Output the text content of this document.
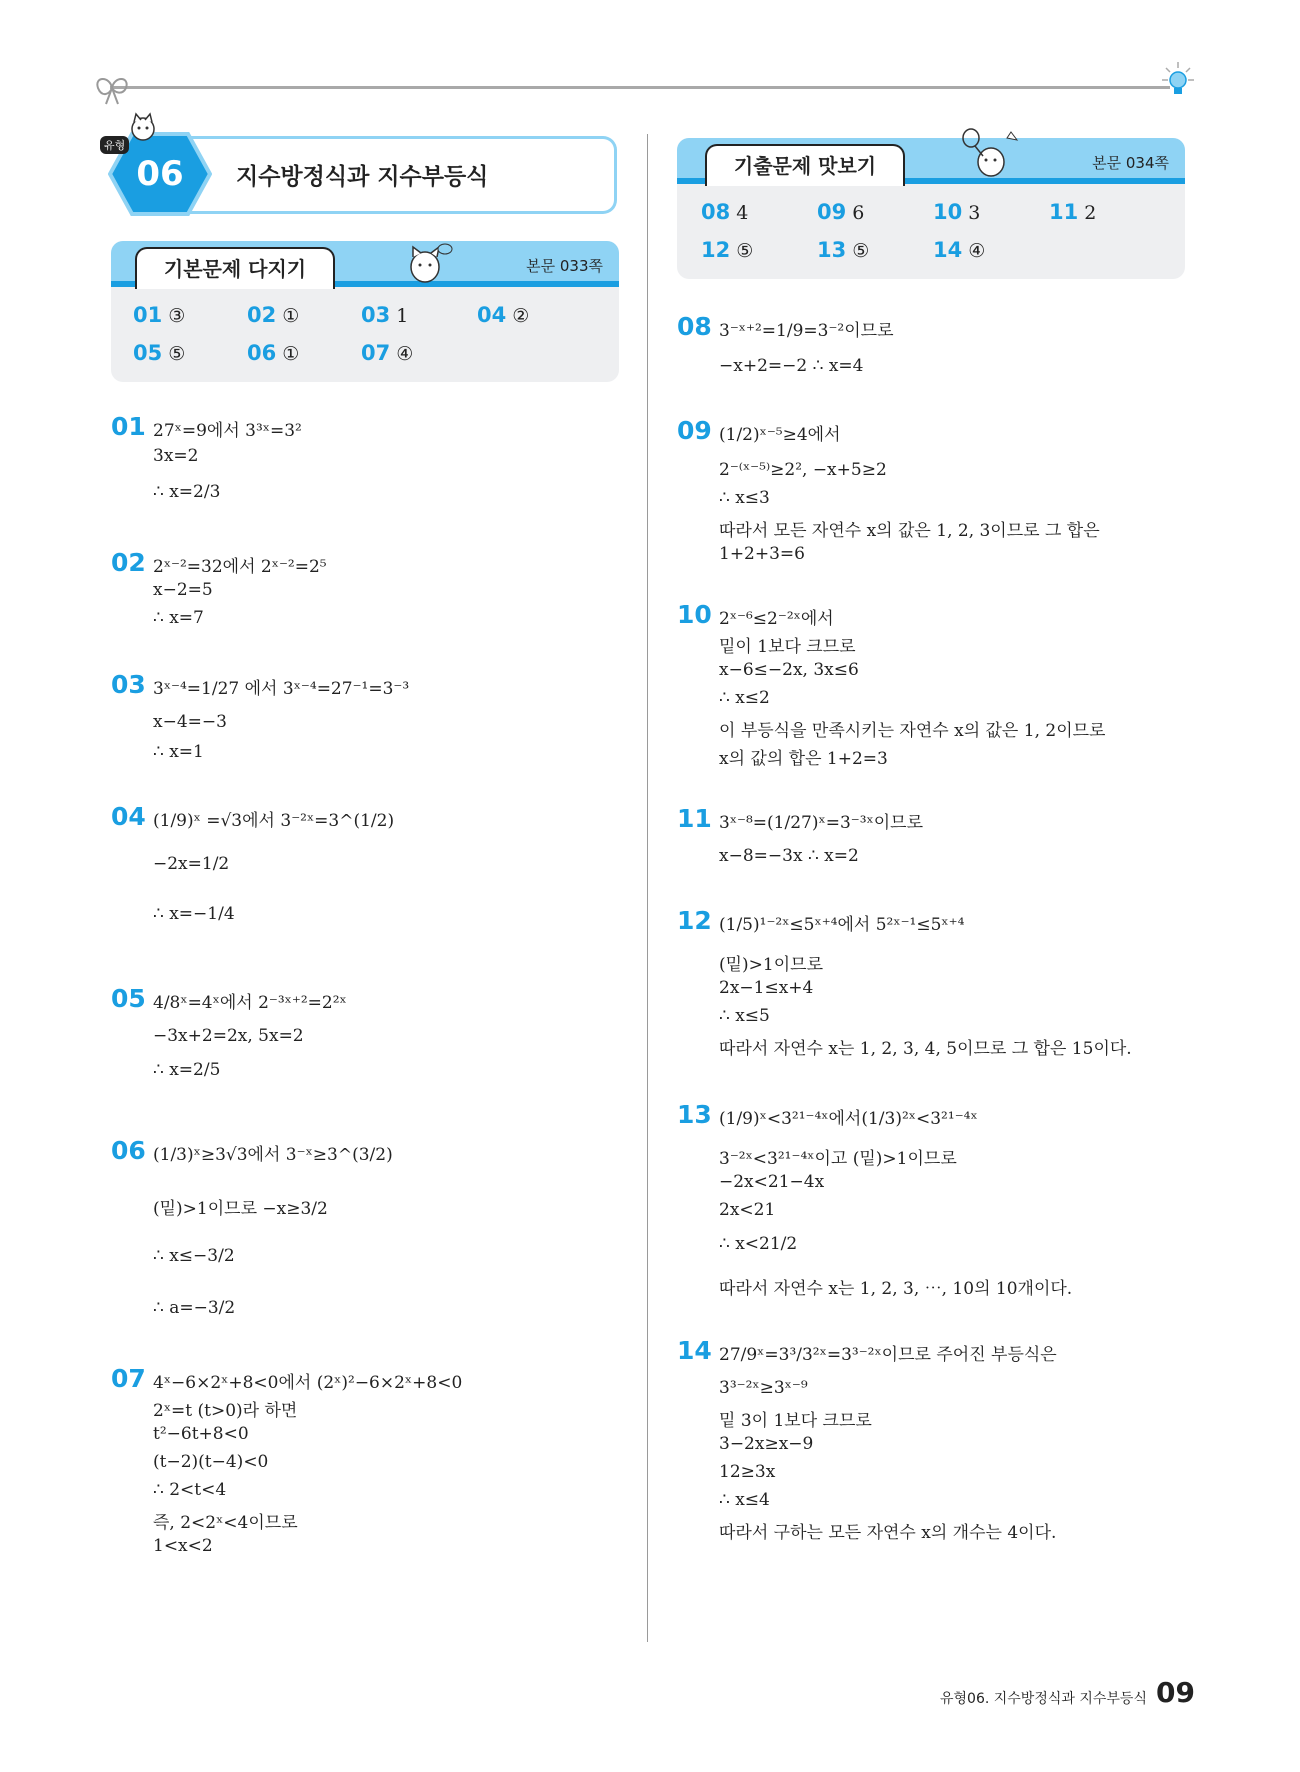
06
유형
지수방정식과 지수부등식
기본문제 다지기	본문 033쪽
01 ③	02 ①	03 1	04 ②
05 ⑤	06 ①	07 ④
기출문제 맛보기	본문 034쪽
08 4	09 6	10 3	11 2
12 ⑤	13 ⑤	14 ④
01 27ˣ=9에서 3³ˣ=3²
3x=2
∴ x=2/3
02 2ˣ⁻²=32에서 2ˣ⁻²=2⁵
x−2=5
∴ x=7
03 3ˣ⁻⁴=1/27 에서 3ˣ⁻⁴=27⁻¹=3⁻³
x−4=−3
∴ x=1
04 (1/9)ˣ =√3에서 3⁻²ˣ=3^(1/2)
−2x=1/2
∴ x=−1/4
05 4/8ˣ=4ˣ에서 2⁻³ˣ⁺²=2²ˣ
−3x+2=2x, 5x=2
∴ x=2/5
06 (1/3)ˣ≥3√3에서 3⁻ˣ≥3^(3/2)
(밑)>1이므로 −x≥3/2
∴ x≤−3/2
∴ a=−3/2
07 4ˣ−6×2ˣ+8<0에서 (2ˣ)²−6×2ˣ+8<0
2ˣ=t (t>0)라 하면
t²−6t+8<0
(t−2)(t−4)<0
∴ 2<t<4
즉, 2<2ˣ<4이므로
1<x<2
08 3⁻ˣ⁺²=1/9=3⁻²이므로
−x+2=−2 ∴ x=4
09 (1/2)ˣ⁻⁵≥4에서
2⁻⁽ˣ⁻⁵⁾≥2², −x+5≥2
∴ x≤3
따라서 모든 자연수 x의 값은 1, 2, 3이므로 그 합은
1+2+3=6
10 2ˣ⁻⁶≤2⁻²ˣ에서
밑이 1보다 크므로
x−6≤−2x, 3x≤6
∴ x≤2
이 부등식을 만족시키는 자연수 x의 값은 1, 2이므로
x의 값의 합은 1+2=3
11 3ˣ⁻⁸=(1/27)ˣ=3⁻³ˣ이므로
x−8=−3x ∴ x=2
12 (1/5)¹⁻²ˣ≤5ˣ⁺⁴에서 5²ˣ⁻¹≤5ˣ⁺⁴
(밑)>1이므로
2x−1≤x+4
∴ x≤5
따라서 자연수 x는 1, 2, 3, 4, 5이므로 그 합은 15이다.
13 (1/9)ˣ<3²¹⁻⁴ˣ에서(1/3)²ˣ<3²¹⁻⁴ˣ
3⁻²ˣ<3²¹⁻⁴ˣ이고 (밑)>1이므로
−2x<21−4x
2x<21
∴ x<21/2
따라서 자연수 x는 1, 2, 3, ⋯, 10의 10개이다.
14 27/9ˣ=3³/3²ˣ=3³⁻²ˣ이므로 주어진 부등식은
3³⁻²ˣ≥3ˣ⁻⁹
밑 3이 1보다 크므로
3−2x≥x−9
12≥3x
∴ x≤4
따라서 구하는 모든 자연수 x의 개수는 4이다.
유형06. 지수방정식과 지수부등식 09
